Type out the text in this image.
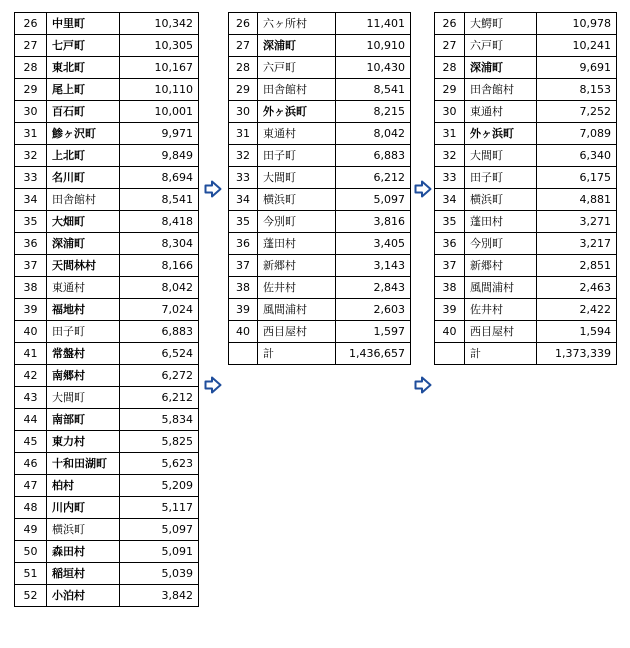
26	中里町	10,342
27	七戸町	10,305
28	東北町	10,167
29	尾上町	10,110
30	百石町	10,001
31	鯵ヶ沢町	9,971
32	上北町	9,849
33	名川町	8,694
34	田舎館村	8,541
35	大畑町	8,418
36	深浦町	8,304
37	天間林村	8,166
38	東通村	8,042
39	福地村	7,024
40	田子町	6,883
41	常盤村	6,524
42	南郷村	6,272
43	大間町	6,212
44	南部町	5,834
45	東力村	5,825
46	十和田湖町	5,623
47	柏村	5,209
48	川内町	5,117
49	横浜町	5,097
50	森田村	5,091
51	稲垣村	5,039
52	小泊村	3,842
26	六ヶ所村	11,401
27	深浦町	10,910
28	六戸町	10,430
29	田舎館村	8,541
30	外ヶ浜町	8,215
31	東通村	8,042
32	田子町	6,883
33	大間町	6,212
34	横浜町	5,097
35	今別町	3,816
36	蓬田村	3,405
37	新郷村	3,143
38	佐井村	2,843
39	風間浦村	2,603
40	西目屋村	1,597
	計	1,436,657
26	大鰐町	10,978
27	六戸町	10,241
28	深浦町	9,691
29	田舎館村	8,153
30	東通村	7,252
31	外ヶ浜町	7,089
32	大間町	6,340
33	田子町	6,175
34	横浜町	4,881
35	蓬田村	3,271
36	今別町	3,217
37	新郷村	2,851
38	風間浦村	2,463
39	佐井村	2,422
40	西目屋村	1,594
	計	1,373,339
